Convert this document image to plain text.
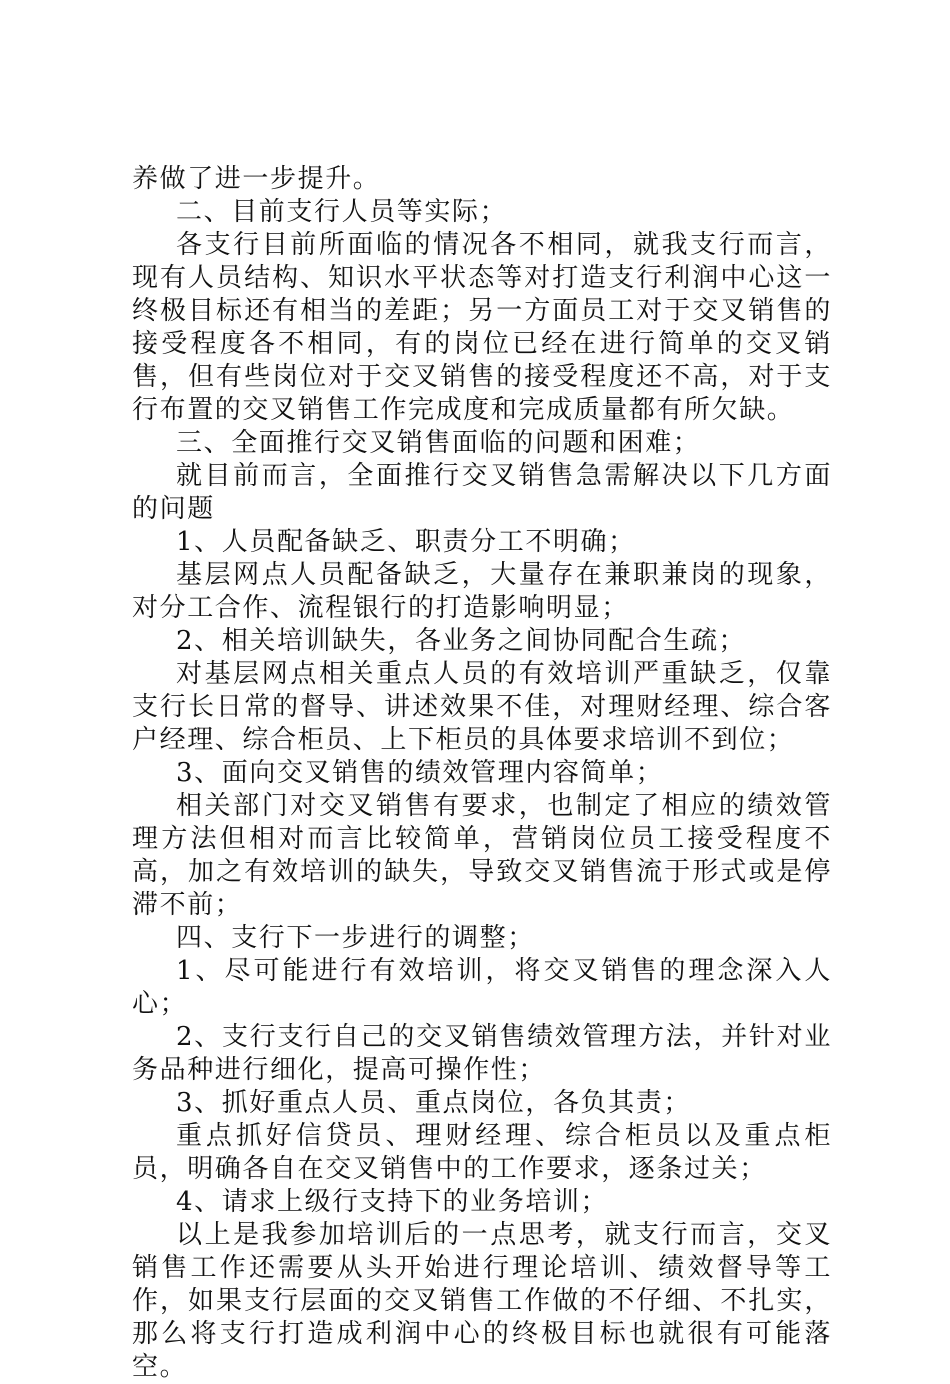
养做了进一步提升。

二、目前支行人员等实际；

各支行目前所面临的情况各不相同，就我支行而言，现有人员结构、知识水平状态等对打造支行利润中心这一终极目标还有相当的差距；另一方面员工对于交叉销售的接受程度各不相同，有的岗位已经在进行简单的交叉销售，但有些岗位对于交叉销售的接受程度还不高，对于支行布置的交叉销售工作完成度和完成质量都有所欠缺。

三、全面推行交叉销售面临的问题和困难；

就目前而言，全面推行交叉销售急需解决以下几方面的问题

1、人员配备缺乏、职责分工不明确；

基层网点人员配备缺乏，大量存在兼职兼岗的现象，对分工合作、流程银行的打造影响明显；

2、相关培训缺失，各业务之间协同配合生疏；

对基层网点相关重点人员的有效培训严重缺乏，仅靠支行长日常的督导、讲述效果不佳，对理财经理、综合客户经理、综合柜员、上下柜员的具体要求培训不到位；

3、面向交叉销售的绩效管理内容简单；

相关部门对交叉销售有要求，也制定了相应的绩效管理方法但相对而言比较简单，营销岗位员工接受程度不高，加之有效培训的缺失，导致交叉销售流于形式或是停滞不前；

四、支行下一步进行的调整；

1、尽可能进行有效培训，将交叉销售的理念深入人心；

2、支行支行自己的交叉销售绩效管理方法，并针对业务品种进行细化，提高可操作性；

3、抓好重点人员、重点岗位，各负其责；

重点抓好信贷员、理财经理、综合柜员以及重点柜员，明确各自在交叉销售中的工作要求，逐条过关；

4、请求上级行支持下的业务培训；

以上是我参加培训后的一点思考，就支行而言，交叉销售工作还需要从头开始进行理论培训、绩效督导等工作，如果支行层面的交叉销售工作做的不仔细、不扎实，那么将支行打造成利润中心的终极目标也就很有可能落空。
